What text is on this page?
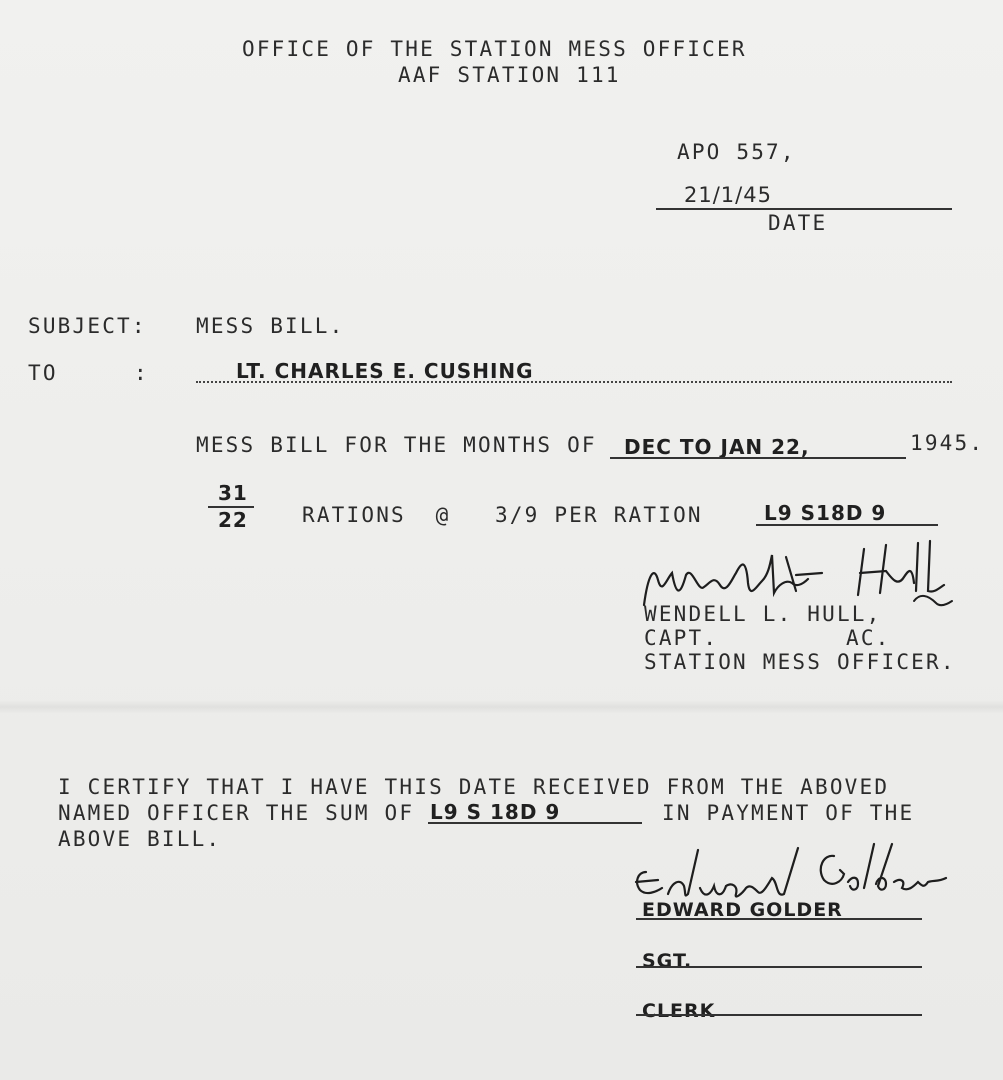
OFFICE OF THE STATION MESS OFFICER
AAF STATION 111
APO 557,
21/1/45
DATE
SUBJECT: MESS BILL.
TO	:	LT. CHARLES E. CUSHING
MESS BILL FOR THE MONTHS OF DEC TO JAN 22,	1945.
31
22	RATIONS  @   3/9 PER RATION	L9 S18D 9
WENDELL L. HULL,
CAPT.	AC.
STATION MESS OFFICER.
I CERTIFY THAT I HAVE THIS DATE RECEIVED FROM THE ABOVED
NAMED OFFICER THE SUM OF L9 S 18D 9	IN PAYMENT OF THE
ABOVE BILL.
EDWARD GOLDER
SGT.
CLERK
